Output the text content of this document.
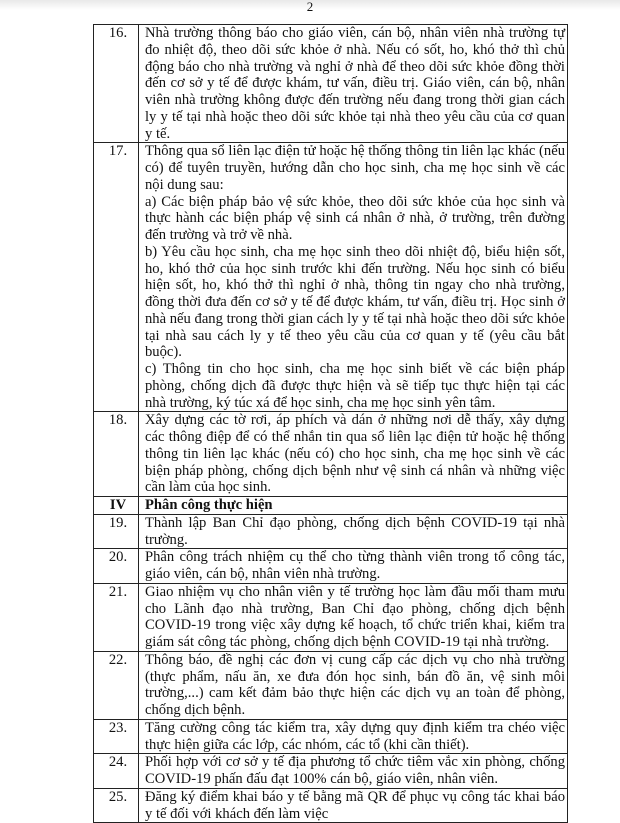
2
16.	Nhà trường thông báo cho giáo viên, cán bộ, nhân viên nhà trường tự đo nhiệt độ, theo dõi sức khỏe ở nhà. Nếu có sốt, ho, khó thở thì chủ động báo cho nhà trường và nghỉ ở nhà để theo dõi sức khỏe đồng thời đến cơ sở y tế để được khám, tư vấn, điều trị. Giáo viên, cán bộ, nhân viên nhà trường không được đến trường nếu đang trong thời gian cách ly y tế tại nhà hoặc theo dõi sức khỏe tại nhà theo yêu cầu của cơ quan y tế.

17.	Thông qua sổ liên lạc điện tử hoặc hệ thống thông tin liên lạc khác (nếu có) để tuyên truyền, hướng dẫn cho học sinh, cha mẹ học sinh về các nội dung sau:

a) Các biện pháp bảo vệ sức khỏe, theo dõi sức khỏe của học sinh và thực hành các biện pháp vệ sinh cá nhân ở nhà, ở trường, trên đường đến trường và trở về nhà.

b) Yêu cầu học sinh, cha mẹ học sinh theo dõi nhiệt độ, biểu hiện sốt, ho, khó thở của học sinh trước khi đến trường. Nếu học sinh có biểu hiện sốt, ho, khó thở thì nghỉ ở nhà, thông tin ngay cho nhà trường, đồng thời đưa đến cơ sở y tế để được khám, tư vấn, điều trị. Học sinh ở nhà nếu đang trong thời gian cách ly y tế tại nhà hoặc theo dõi sức khỏe tại nhà sau cách ly y tế theo yêu cầu của cơ quan y tế (yêu cầu bắt buộc).

c) Thông tin cho học sinh, cha mẹ học sinh biết về các biện pháp phòng, chống dịch đã được thực hiện và sẽ tiếp tục thực hiện tại các nhà trường, ký túc xá để học sinh, cha mẹ học sinh yên tâm.

18.	Xây dựng các tờ rơi, áp phích và dán ở những nơi dễ thấy, xây dựng các thông điệp để có thể nhắn tin qua sổ liên lạc điện tử hoặc hệ thống thông tin liên lạc khác (nếu có) cho học sinh, cha mẹ học sinh về các biện pháp phòng, chống dịch bệnh như vệ sinh cá nhân và những việc cần làm của học sinh.

IV	Phân công thực hiện

19.	Thành lập Ban Chỉ đạo phòng, chống dịch bệnh COVID-19 tại nhà trường.

20.	Phân công trách nhiệm cụ thể cho từng thành viên trong tổ công tác, giáo viên, cán bộ, nhân viên nhà trường.

21.	Giao nhiệm vụ cho nhân viên y tế trường học làm đầu mối tham mưu cho Lãnh đạo nhà trường, Ban Chỉ đạo phòng, chống dịch bệnh COVID-19 trong việc xây dựng kế hoạch, tổ chức triển khai, kiểm tra giám sát công tác phòng, chống dịch bệnh COVID-19 tại nhà trường.

22.	Thông báo, đề nghị các đơn vị cung cấp các dịch vụ cho nhà trường (thực phẩm, nấu ăn, xe đưa đón học sinh, bán đồ ăn, vệ sinh môi trường,...) cam kết đảm bảo thực hiện các dịch vụ an toàn để phòng, chống dịch bệnh.

23.	Tăng cường công tác kiểm tra, xây dựng quy định kiểm tra chéo việc thực hiện giữa các lớp, các nhóm, các tổ (khi cần thiết).

24.	Phối hợp với cơ sở y tế địa phương tổ chức tiêm vắc xin phòng, chống COVID-19 phấn đấu đạt 100% cán bộ, giáo viên, nhân viên.

25.	Đăng ký điểm khai báo y tế bằng mã QR để phục vụ công tác khai báo y tế đối với khách đến làm việc
